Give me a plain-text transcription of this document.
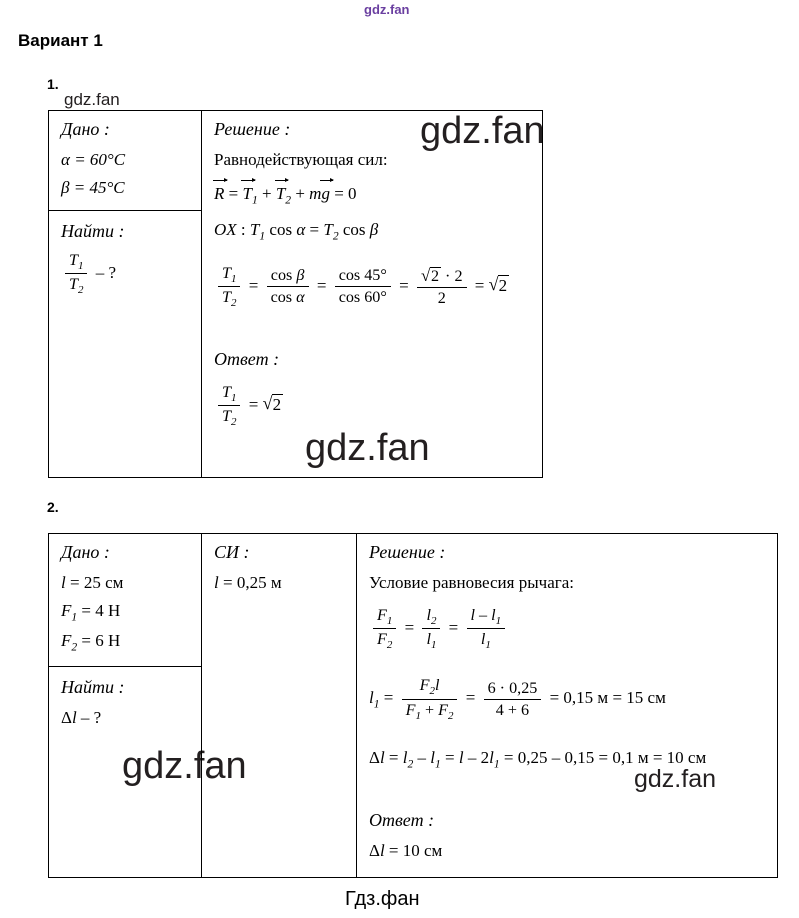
gdz.fan
gdz.fan
gdz.fan
gdz.fan
gdz.fan	gdz.fan
Гдз.фан
Вариант 1
1.
Дано :
α = 60°C
β = 45°C
Найти :
$\frac{T_1}{T_2}$ – ?

Решение :
Равнодействующая сил:
$R = T_1 + T_2$ + mg = 0
OX : $T_1$ $\cos \alpha = T_2$ cos β
$\frac{T_1}{T_2} = \frac{\text{cos β}}{\text{cos α}} = \frac{\cos 45^\circ}{\cos 60^\circ}$ = √ $\frac{2 \cdot 2}{2}$ = √ 2
Ответ :
$\frac{T_1}{T_2}$ = √ 2
2.
Дано :
l = 25 см
$F_1 = 4$ Н
$F_2 = 6$ Н
Найти :
Δl – ?

СИ :
l = 0,25 м

Решение :
Условие равновесия рычага:
$\frac{F_1}{F_2} = \frac{l_2}{l_1} = \frac{l - l_1}{l_1}$
$l_1 = \frac{F_2l}{F_1 + F_2} = \frac{6 \cdot 0,25}{4 + 6} = 0,15$ м = 15 см
$\Delta l = l_2 - l_1 = l - 2l_1 = 0,25 - 0,15 = 0,1$ м = 10 см
Ответ :
Δl = 10 см
